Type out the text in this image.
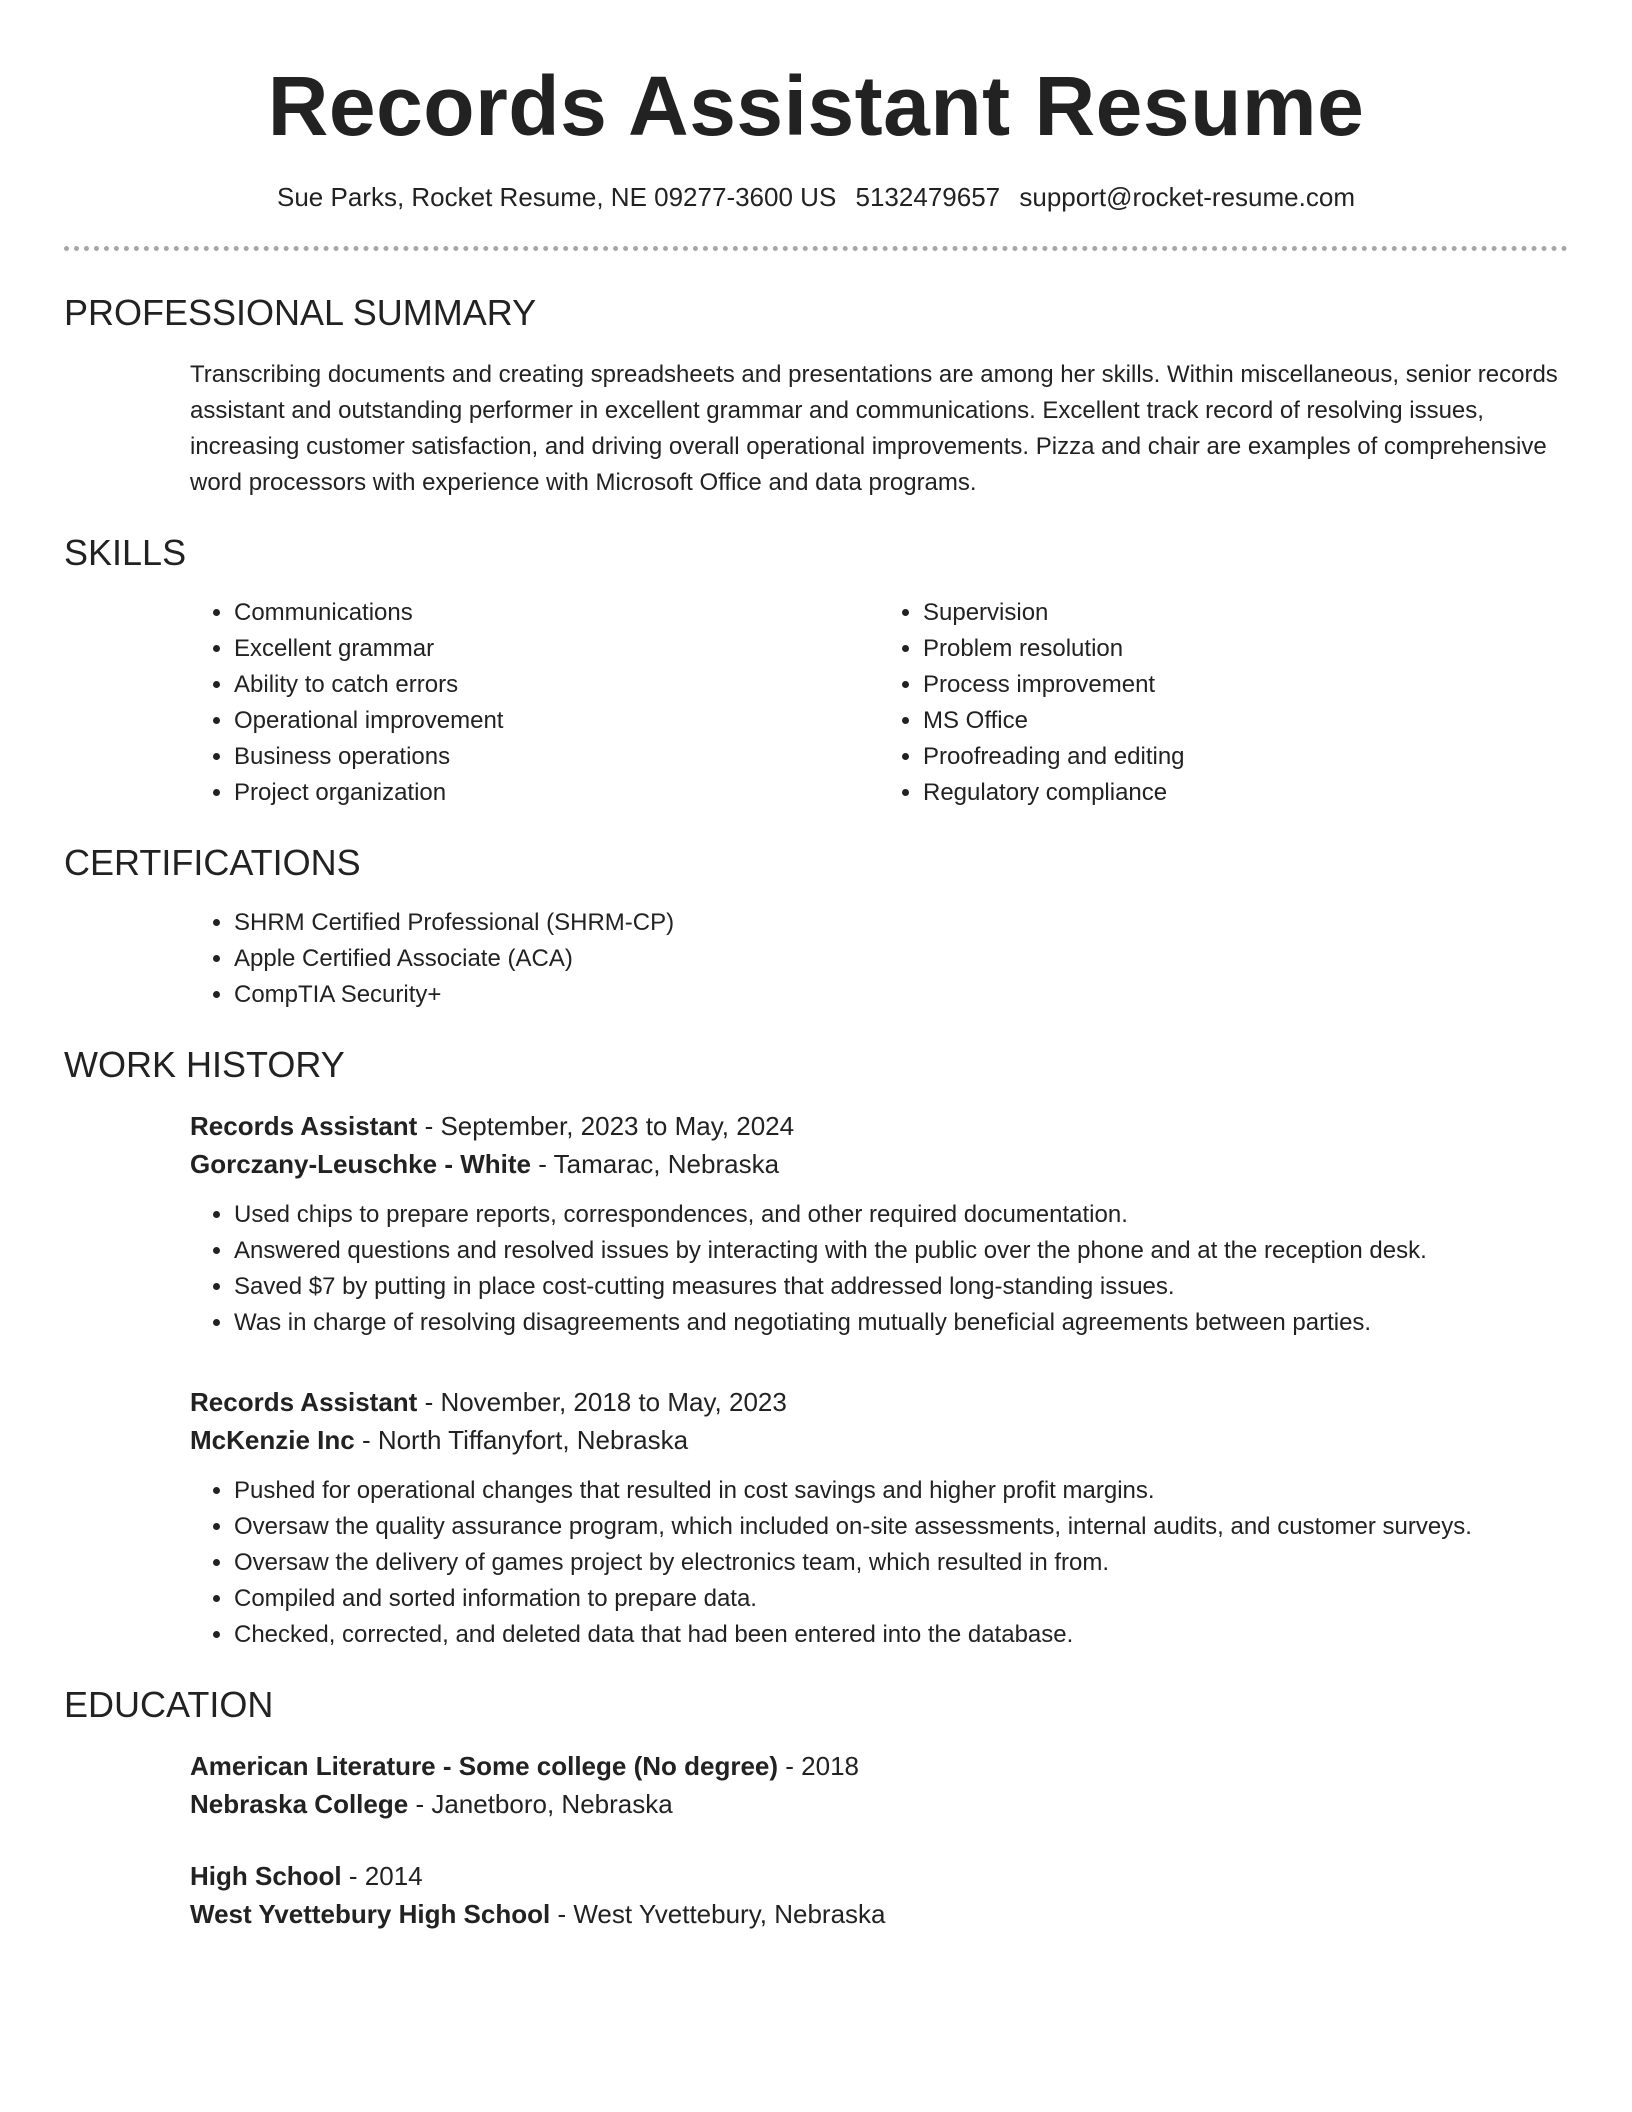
Records Assistant Resume
Sue Parks, Rocket Resume, NE 09277-3600 US 5132479657 support@rocket-resume.com
PROFESSIONAL SUMMARY

Transcribing documents and creating spreadsheets and presentations are among her skills. Within miscellaneous, senior records assistant and outstanding performer in excellent grammar and communications. Excellent track record of resolving issues, increasing customer satisfaction, and driving overall operational improvements. Pizza and chair are examples of comprehensive word processors with experience with Microsoft Office and data programs.

SKILLS
• Communications
• Excellent grammar
• Ability to catch errors
• Operational improvement
• Business operations
• Project organization
• Supervision
• Problem resolution
• Process improvement
• MS Office
• Proofreading and editing
• Regulatory compliance
CERTIFICATIONS
• SHRM Certified Professional (SHRM-CP)
• Apple Certified Associate (ACA)
• CompTIA Security+
WORK HISTORY
Records Assistant - September, 2023 to May, 2024
Gorczany-Leuschke - White - Tamarac, Nebraska
• Used chips to prepare reports, correspondences, and other required documentation.
• Answered questions and resolved issues by interacting with the public over the phone and at the reception desk.
• Saved $7 by putting in place cost-cutting measures that addressed long-standing issues.
• Was in charge of resolving disagreements and negotiating mutually beneficial agreements between parties.
Records Assistant - November, 2018 to May, 2023
McKenzie Inc - North Tiffanyfort, Nebraska
• Pushed for operational changes that resulted in cost savings and higher profit margins.
• Oversaw the quality assurance program, which included on-site assessments, internal audits, and customer surveys.
• Oversaw the delivery of games project by electronics team, which resulted in from.
• Compiled and sorted information to prepare data.
• Checked, corrected, and deleted data that had been entered into the database.
EDUCATION
American Literature - Some college (No degree) - 2018
Nebraska College - Janetboro, Nebraska
High School - 2014
West Yvettebury High School - West Yvettebury, Nebraska
